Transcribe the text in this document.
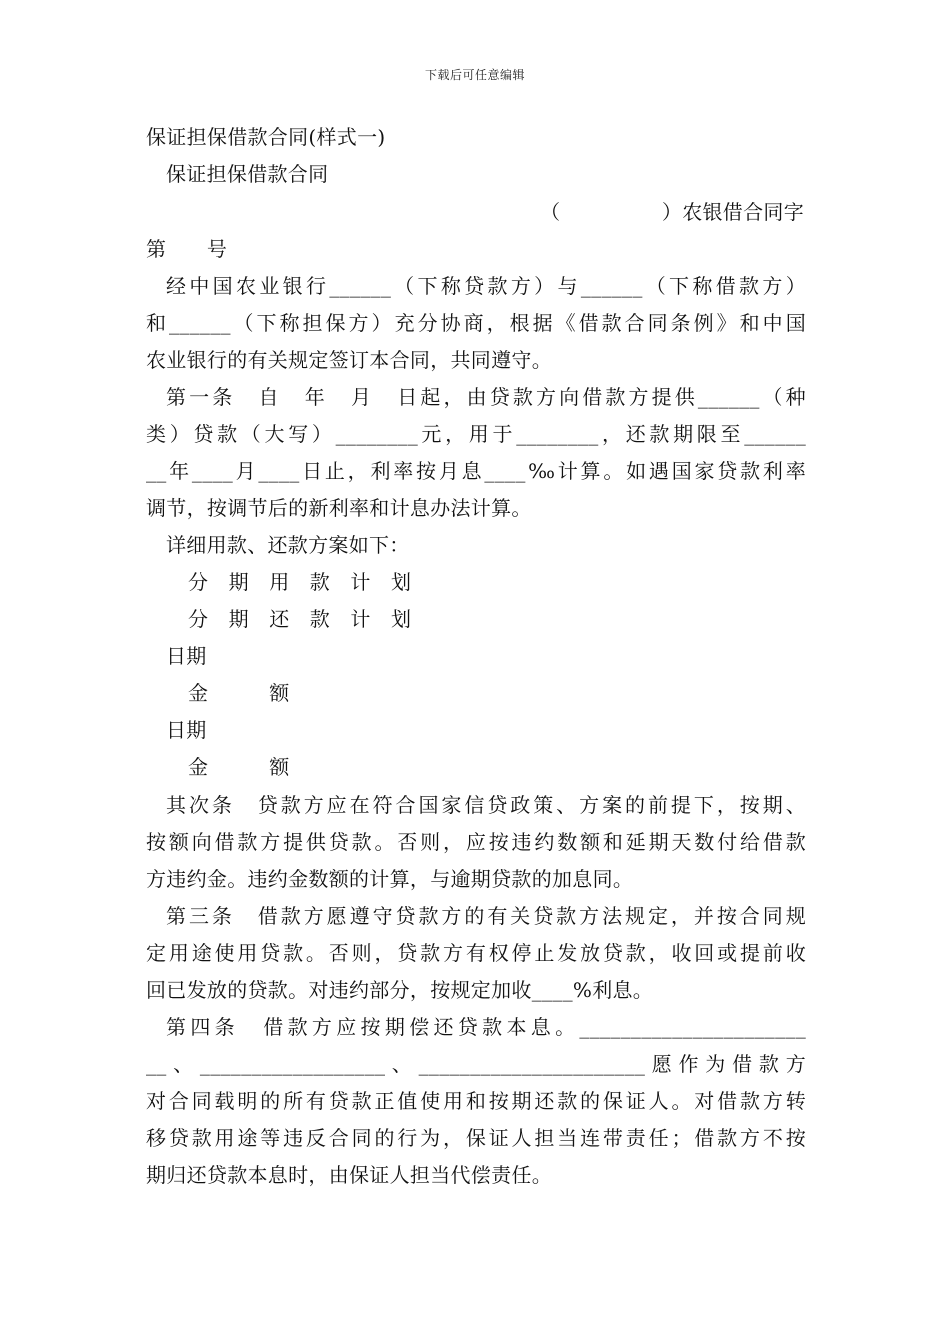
下载后可任意编辑
保证担保借款合同(样式一)
保证担保借款合同
（　　　　　）农银借合同字
第　　号
经中国农业银行______（下称贷款方）与______（下称借款方）
和______（下称担保方）充分协商，根据《借款合同条例》和中国
农业银行的有关规定签订本合同，共同遵守。
第一条　自　年　月　日起，由贷款方向借款方提供______（种
类）贷款（大写）________元，用于________，还款期限至______
__年____月____日止，利率按月息____‰计算。如遇国家贷款利率
调节，按调节后的新利率和计息办法计算。
详细用款、还款方案如下：
分　期　用　款　计　划
分　期　还　款　计　划
日期
金　　　额
日期
金　　　额
其次条　贷款方应在符合国家信贷政策、方案的前提下，按期、
按额向借款方提供贷款。否则，应按违约数额和延期天数付给借款
方违约金。违约金数额的计算，与逾期贷款的加息同。
第三条　借款方愿遵守贷款方的有关贷款方法规定，并按合同规
定用途使用贷款。否则，贷款方有权停止发放贷款，收回或提前收
回已发放的贷款。对违约部分，按规定加收____%利息。
第四条　借款方应按期偿还贷款本息。______________________
__、__________________、______________________愿作为借款方
对合同载明的所有贷款正值使用和按期还款的保证人。对借款方转
移贷款用途等违反合同的行为，保证人担当连带责任；借款方不按
期归还贷款本息时，由保证人担当代偿责任。
